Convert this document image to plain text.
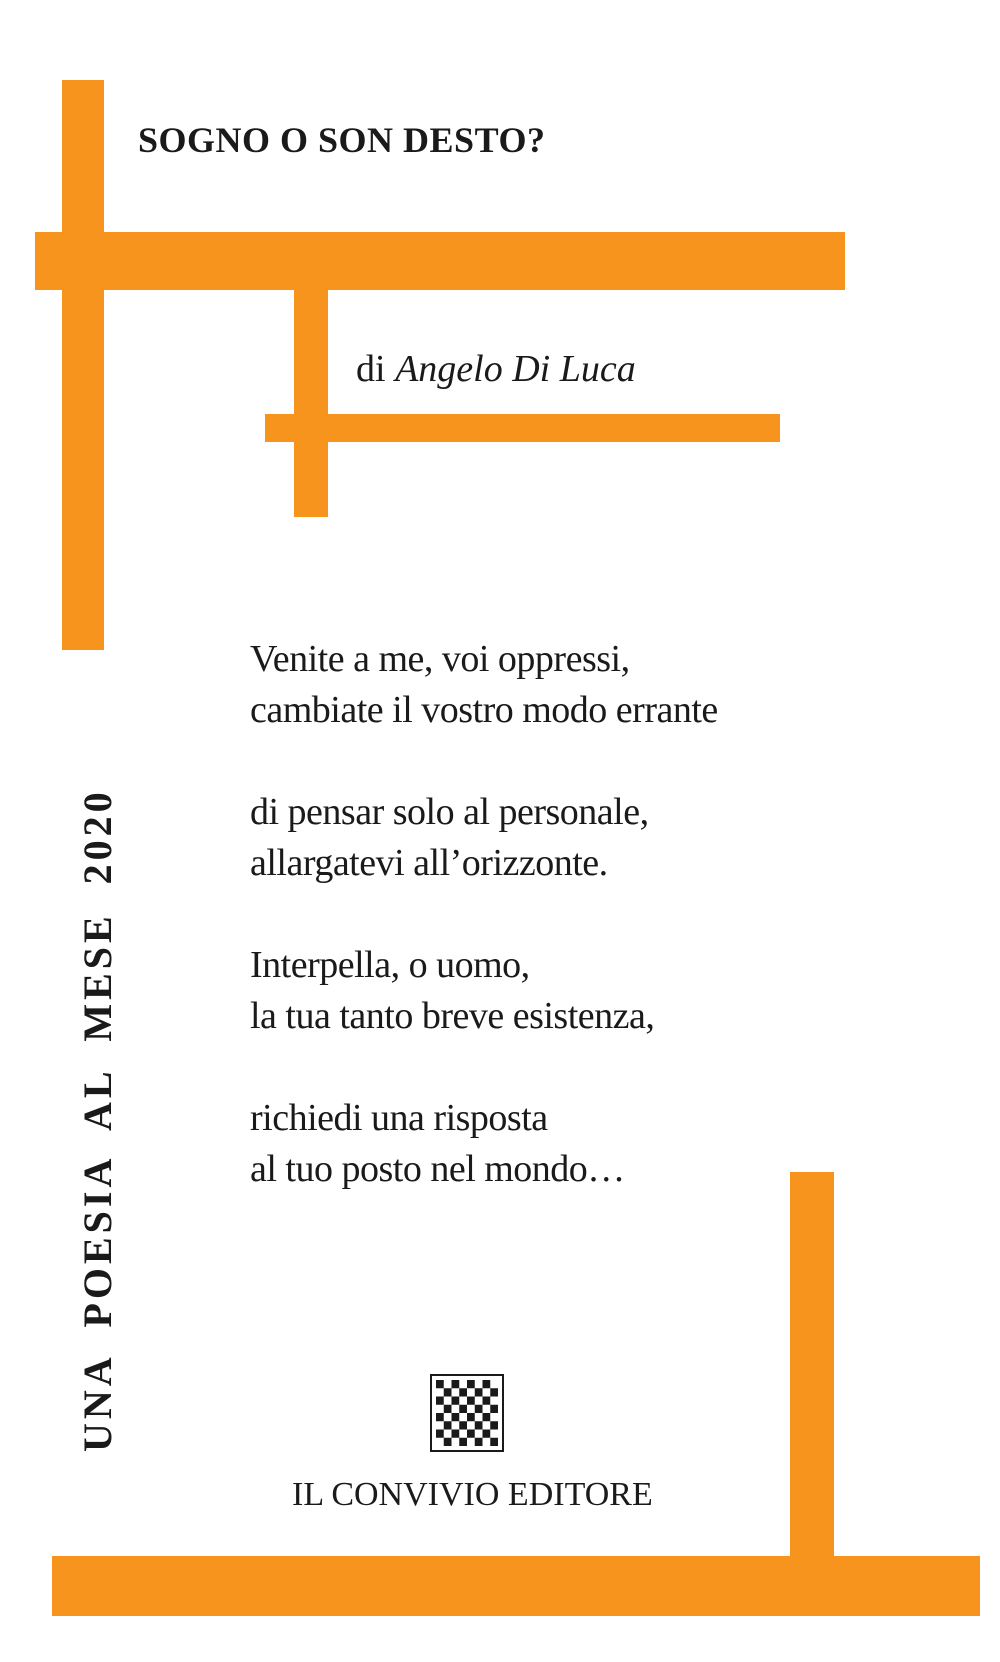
SOGNO O SON DESTO?
di Angelo Di Luca

Venite a me, voi oppressi,
cambiate il vostro modo errante

di pensar solo al personale,
allargatevi all’orizzonte.

Interpella, o uomo,
la tua tanto breve esistenza,

richiedi una risposta
al tuo posto nel mondo…

UNA POESIA AL MESE 2020
IL CONVIVIO EDITORE
